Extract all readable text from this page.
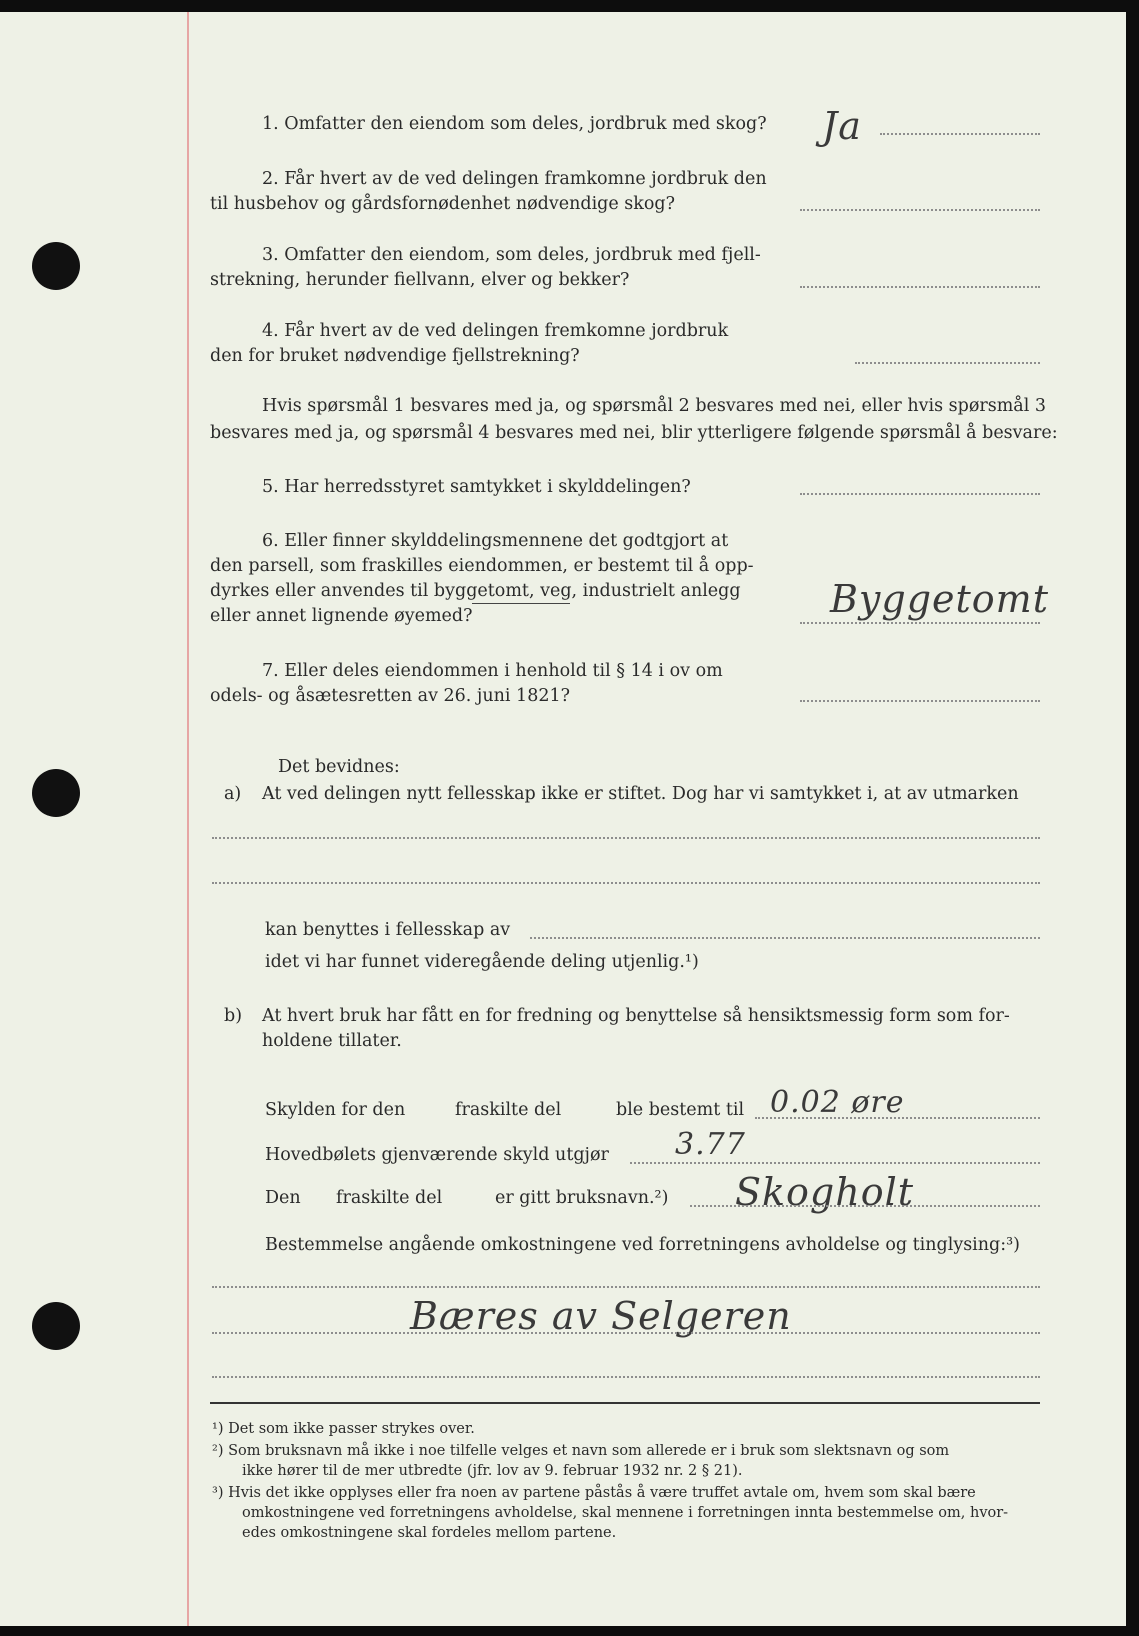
1. Omfatter den eiendom som deles, jordbruk med skog? Ja
2. Får hvert av de ved delingen framkomne jordbruk den
til husbehov og gårdsfornødenhet nødvendige skog?
3. Omfatter den eiendom, som deles, jordbruk med fjell-
strekning, herunder fiellvann, elver og bekker?
4. Får hvert av de ved delingen fremkomne jordbruk
den for bruket nødvendige fjellstrekning?
Hvis spørsmål 1 besvares med ja, og spørsmål 2 besvares med nei, eller hvis spørsmål 3
besvares med ja, og spørsmål 4 besvares med nei, blir ytterligere følgende spørsmål å besvare:
5. Har herredsstyret samtykket i skylddelingen?
6. Eller finner skylddelingsmennene det godtgjort at
den parsell, som fraskilles eiendommen, er bestemt til å opp-
dyrkes eller anvendes til byggetomt, veg, industrielt anlegg
eller annet lignende øyemed?	Byggetomt
7. Eller deles eiendommen i henhold til § 14 i ov om
odels- og åsætesretten av 26. juni 1821?
Det bevidnes:
a) At ved delingen nytt fellesskap ikke er stiftet. Dog har vi samtykket i, at av utmarken
kan benyttes i fellesskap av
idet vi har funnet videregående deling utjenlig.¹)
b) At hvert bruk har fått en for fredning og benyttelse så hensiktsmessig form som for-
holdene tillater.
Skylden for den	fraskilte del	ble bestemt til 0.02 øre
Hovedbølets gjenværende skyld utgjør 3.77
Den fraskilte del	er gitt bruksnavn.²) Skogholt
Bestemmelse angående omkostningene ved forretningens avholdelse og tinglysing:³)
Bæres av Selgeren
¹) Det som ikke passer strykes over.
²) Som bruksnavn må ikke i noe tilfelle velges et navn som allerede er i bruk som slektsnavn og som
ikke hører til de mer utbredte (jfr. lov av 9. februar 1932 nr. 2 § 21).
³) Hvis det ikke opplyses eller fra noen av partene påstås å være truffet avtale om, hvem som skal bære
omkostningene ved forretningens avholdelse, skal mennene i forretningen innta bestemmelse om, hvor-
edes omkostningene skal fordeles mellom partene.
